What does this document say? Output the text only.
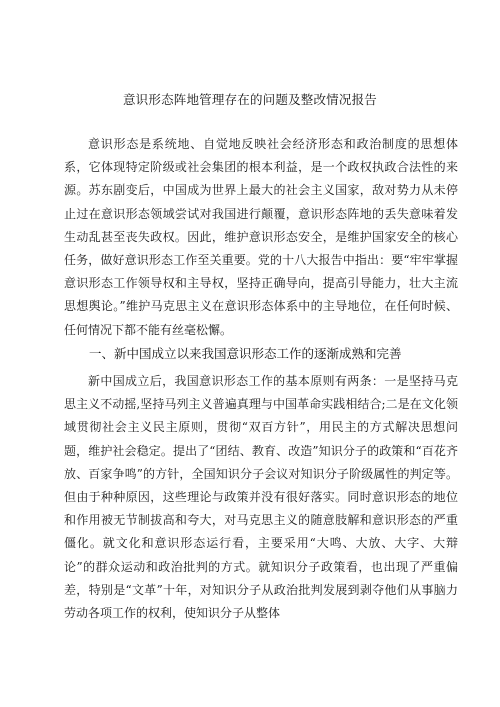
意识形态阵地管理存在的问题及整改情况报告

意识形态是系统地、自觉地反映社会经济形态和政治制度的思想体系，它体现特定阶级或社会集团的根本利益，是一个政权执政合法性的来源。苏东剧变后，中国成为世界上最大的社会主义国家，敌对势力从未停止过在意识形态领域尝试对我国进行颠覆，意识形态阵地的丢失意味着发生动乱甚至丧失政权。因此，维护意识形态安全，是维护国家安全的核心任务，做好意识形态工作至关重要。党的十八大报告中指出：要“牢牢掌握意识形态工作领导权和主导权，坚持正确导向，提高引导能力，壮大主流思想舆论。”维护马克思主义在意识形态体系中的主导地位，在任何时候、任何情况下都不能有丝毫松懈。

一、新中国成立以来我国意识形态工作的逐渐成熟和完善

新中国成立后，我国意识形态工作的基本原则有两条：一是坚持马克思主义不动摇,坚持马列主义普遍真理与中国革命实践相结合;二是在文化领域贯彻社会主义民主原则，贯彻“双百方针”，用民主的方式解决思想问题，维护社会稳定。提出了“团结、教育、改造”知识分子的政策和“百花齐放、百家争鸣”的方针，全国知识分子会议对知识分子阶级属性的判定等。但由于种种原因，这些理论与政策并没有很好落实。同时意识形态的地位和作用被无节制拔高和夸大，对马克思主义的随意肢解和意识形态的严重僵化。就文化和意识形态运行看，主要采用“大鸣、大放、大字、大辩论”的群众运动和政治批判的方式。就知识分子政策看，也出现了严重偏差，特别是“文革”十年，对知识分子从政治批判发展到剥夺他们从事脑力劳动各项工作的权利，使知识分子从整体
